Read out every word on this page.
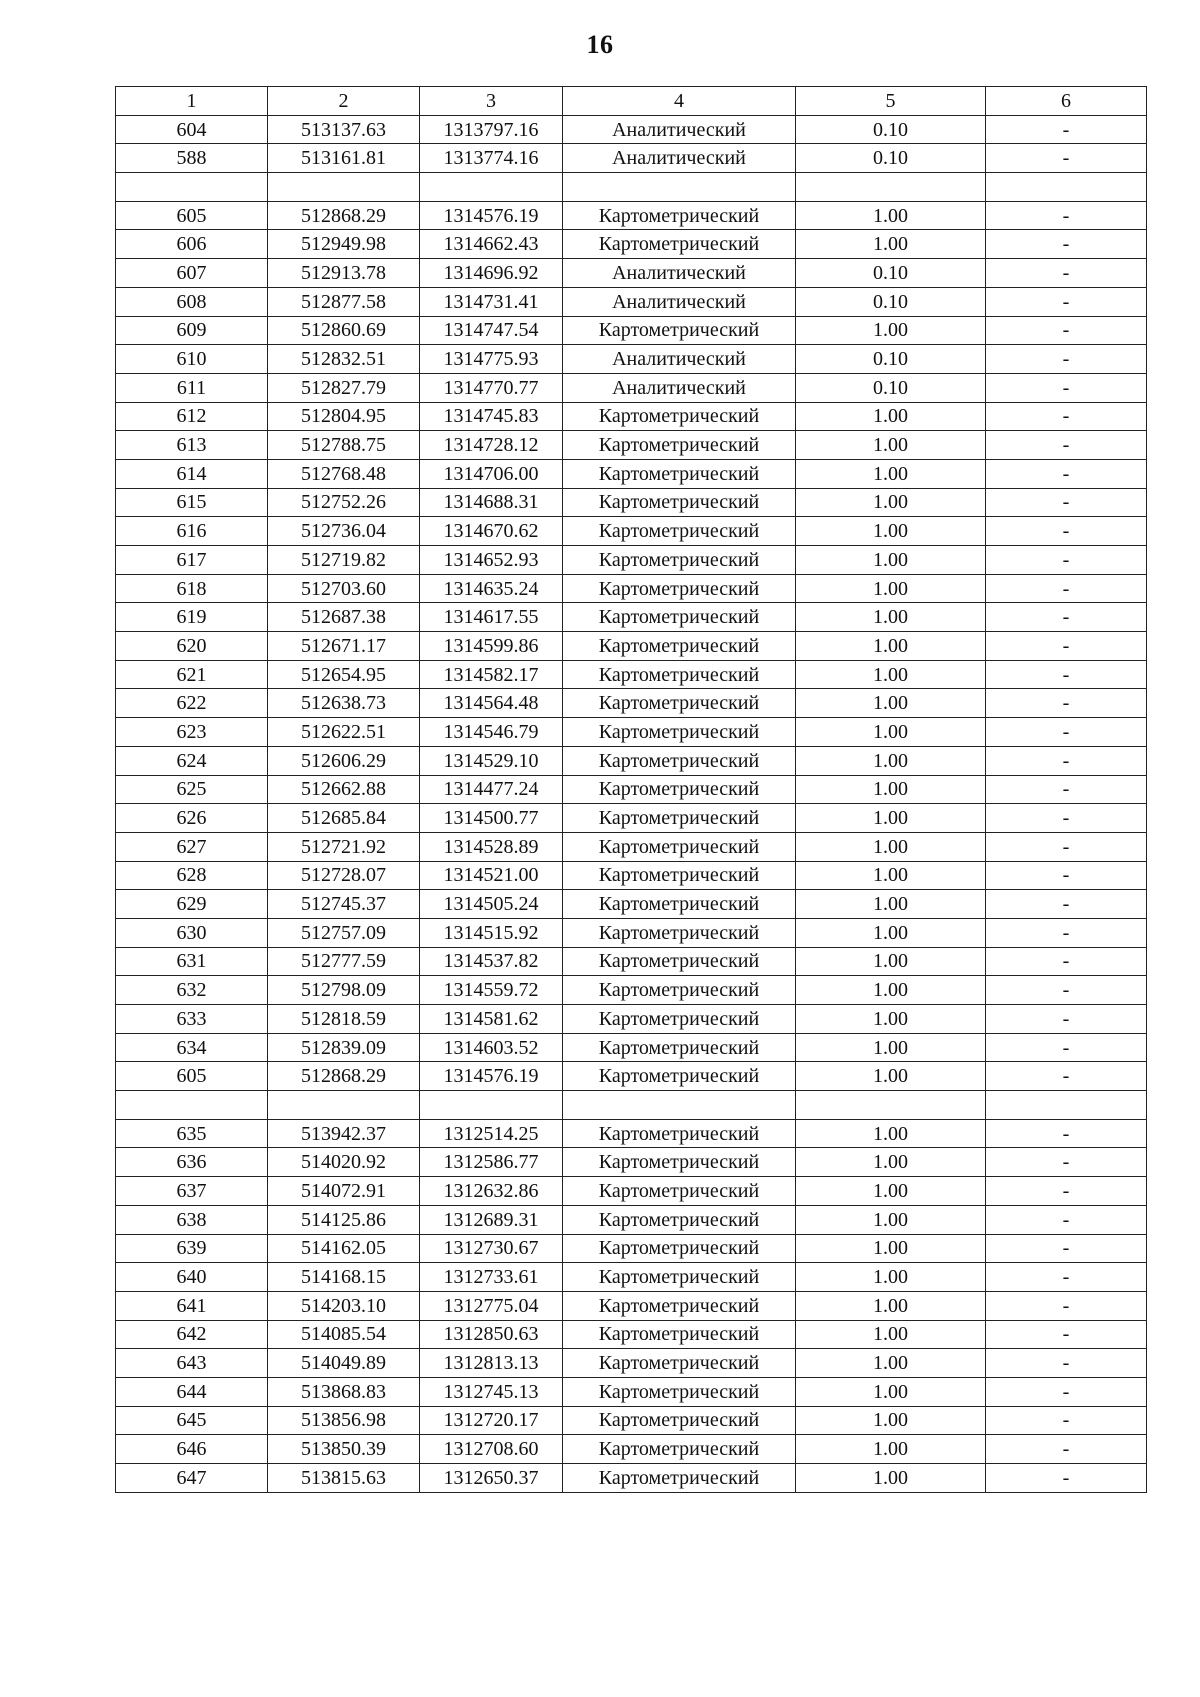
16
1	2	3	4	5	6
604	513137.63	1313797.16	Аналитический	0.10	-
588	513161.81	1313774.16	Аналитический	0.10	-

605	512868.29	1314576.19	Картометрический	1.00	-
606	512949.98	1314662.43	Картометрический	1.00	-
607	512913.78	1314696.92	Аналитический	0.10	-
608	512877.58	1314731.41	Аналитический	0.10	-
609	512860.69	1314747.54	Картометрический	1.00	-
610	512832.51	1314775.93	Аналитический	0.10	-
611	512827.79	1314770.77	Аналитический	0.10	-
612	512804.95	1314745.83	Картометрический	1.00	-
613	512788.75	1314728.12	Картометрический	1.00	-
614	512768.48	1314706.00	Картометрический	1.00	-
615	512752.26	1314688.31	Картометрический	1.00	-
616	512736.04	1314670.62	Картометрический	1.00	-
617	512719.82	1314652.93	Картометрический	1.00	-
618	512703.60	1314635.24	Картометрический	1.00	-
619	512687.38	1314617.55	Картометрический	1.00	-
620	512671.17	1314599.86	Картометрический	1.00	-
621	512654.95	1314582.17	Картометрический	1.00	-
622	512638.73	1314564.48	Картометрический	1.00	-
623	512622.51	1314546.79	Картометрический	1.00	-
624	512606.29	1314529.10	Картометрический	1.00	-
625	512662.88	1314477.24	Картометрический	1.00	-
626	512685.84	1314500.77	Картометрический	1.00	-
627	512721.92	1314528.89	Картометрический	1.00	-
628	512728.07	1314521.00	Картометрический	1.00	-
629	512745.37	1314505.24	Картометрический	1.00	-
630	512757.09	1314515.92	Картометрический	1.00	-
631	512777.59	1314537.82	Картометрический	1.00	-
632	512798.09	1314559.72	Картометрический	1.00	-
633	512818.59	1314581.62	Картометрический	1.00	-
634	512839.09	1314603.52	Картометрический	1.00	-
605	512868.29	1314576.19	Картометрический	1.00	-

635	513942.37	1312514.25	Картометрический	1.00	-
636	514020.92	1312586.77	Картометрический	1.00	-
637	514072.91	1312632.86	Картометрический	1.00	-
638	514125.86	1312689.31	Картометрический	1.00	-
639	514162.05	1312730.67	Картометрический	1.00	-
640	514168.15	1312733.61	Картометрический	1.00	-
641	514203.10	1312775.04	Картометрический	1.00	-
642	514085.54	1312850.63	Картометрический	1.00	-
643	514049.89	1312813.13	Картометрический	1.00	-
644	513868.83	1312745.13	Картометрический	1.00	-
645	513856.98	1312720.17	Картометрический	1.00	-
646	513850.39	1312708.60	Картометрический	1.00	-
647	513815.63	1312650.37	Картометрический	1.00	-
